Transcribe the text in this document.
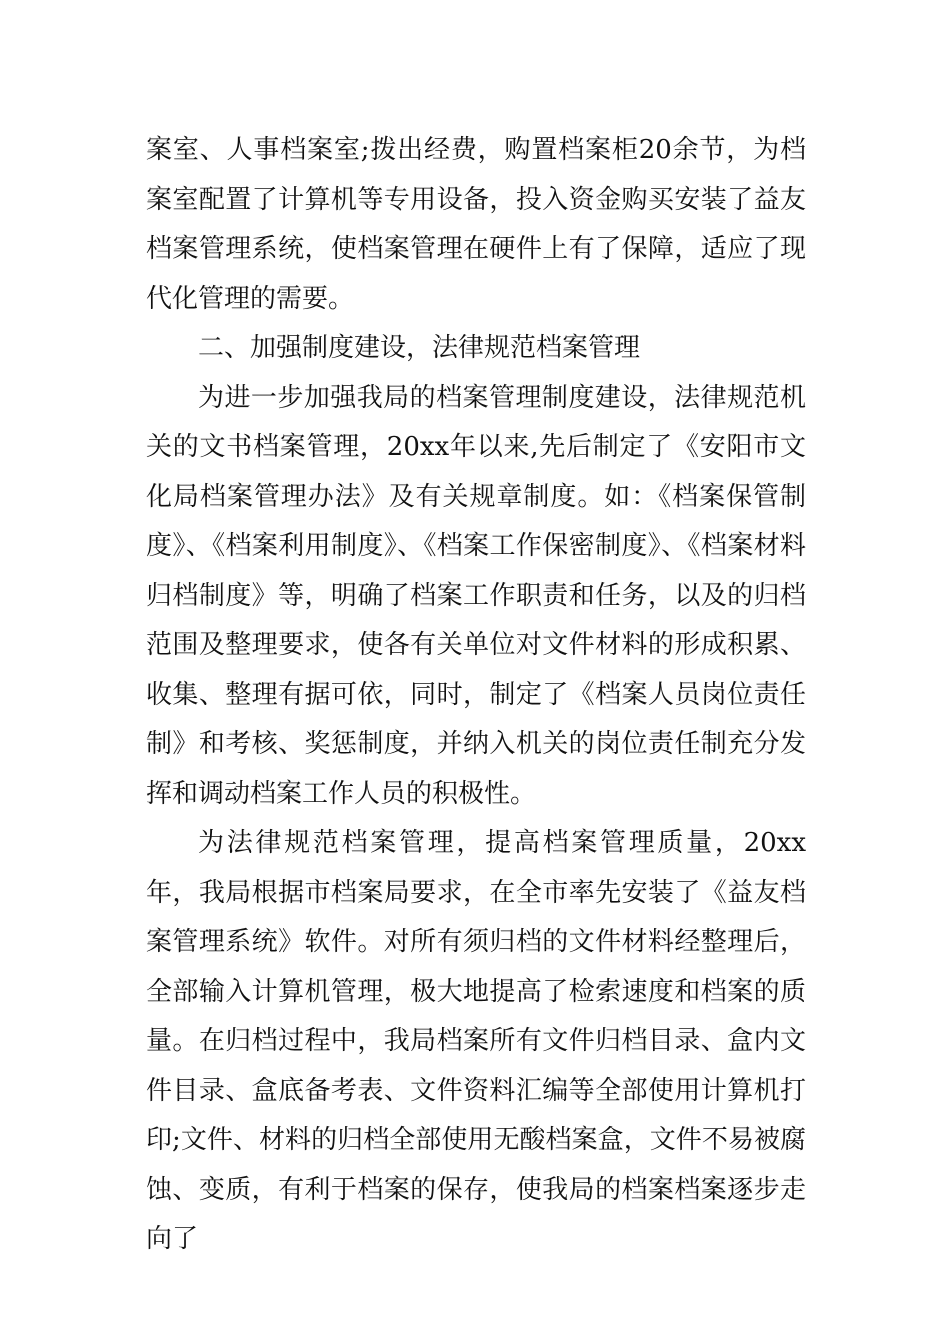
案室、人事档案室;拨出经费，购置档案柜20余节，为档案室配置了计算机等专用设备，投入资金购买安装了益友档案管理系统，使档案管理在硬件上有了保障，适应了现代化管理的需要。

二、加强制度建设，法律规范档案管理

为进一步加强我局的档案管理制度建设，法律规范机关的文书档案管理，20xx年以来,先后制定了《安阳市文化局档案管理办法》及有关规章制度。如：《档案保管制度》、《档案利用制度》、《档案工作保密制度》、《档案材料归档制度》等，明确了档案工作职责和任务，以及的归档范围及整理要求，使各有关单位对文件材料的形成积累、收集、整理有据可依，同时，制定了《档案人员岗位责任制》和考核、奖惩制度，并纳入机关的岗位责任制充分发挥和调动档案工作人员的积极性。

为法律规范档案管理，提高档案管理质量，20xx年，我局根据市档案局要求，在全市率先安装了《益友档案管理系统》软件。对所有须归档的文件材料经整理后，全部输入计算机管理，极大地提高了检索速度和档案的质量。在归档过程中，我局档案所有文件归档目录、盒内文件目录、盒底备考表、文件资料汇编等全部使用计算机打印;文件、材料的归档全部使用无酸档案盒，文件不易被腐蚀、变质，有利于档案的保存，使我局的档案档案逐步走向了
